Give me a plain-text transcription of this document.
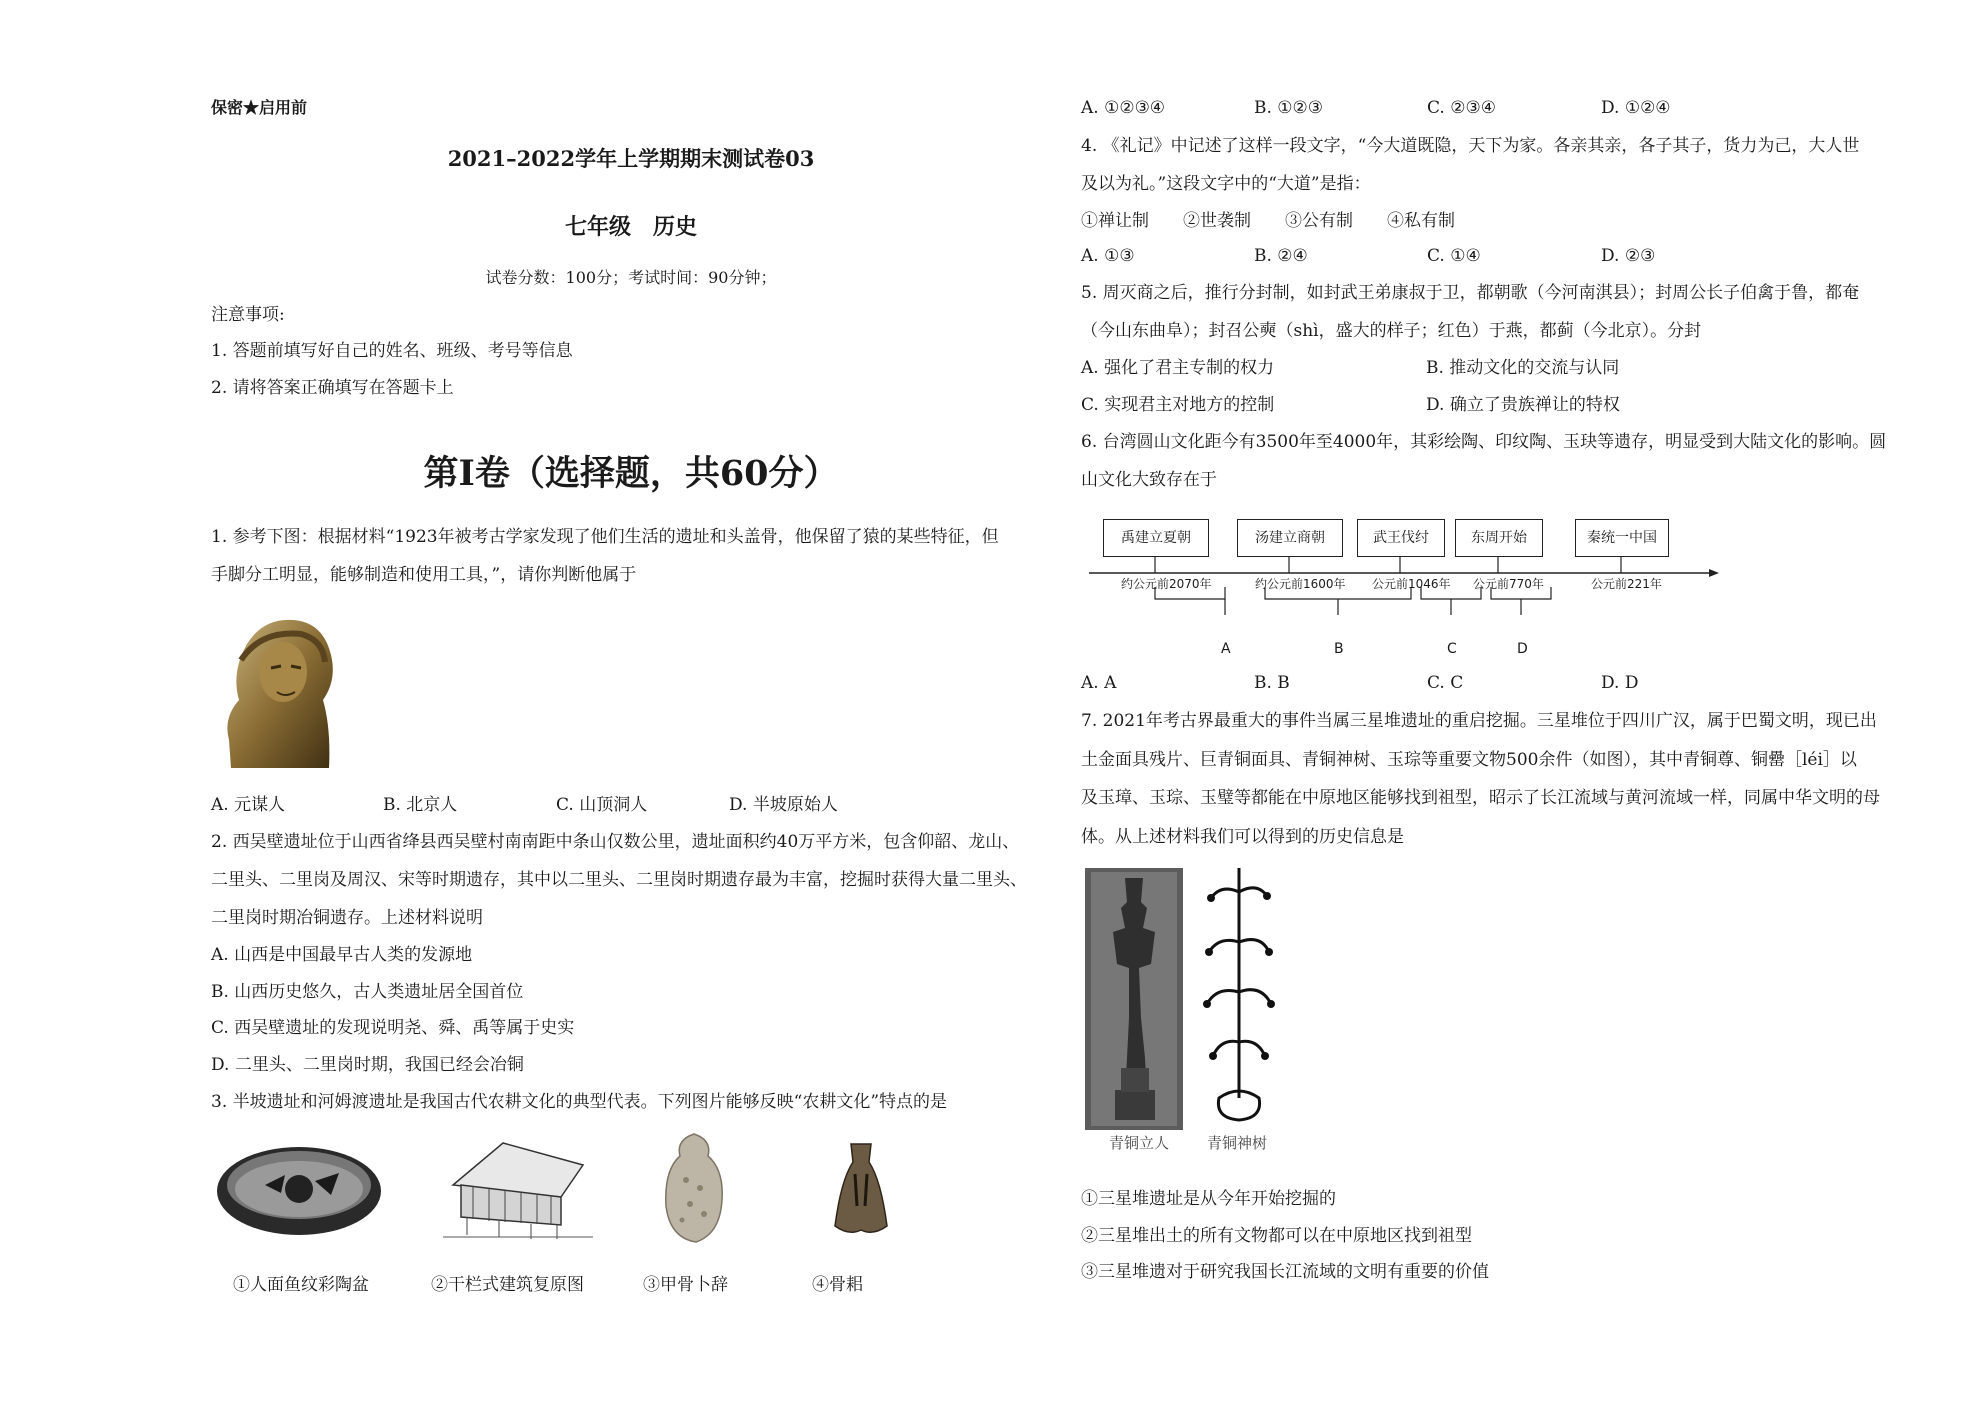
保密★启用前
2021–2022学年上学期期末测试卷03
七年级　历史
试卷分数：100分；考试时间：90分钟；
注意事项:
1. 答题前填写好自己的姓名、班级、考号等信息
2. 请将答案正确填写在答题卡上
第Ⅰ卷（选择题，共60分）
1. 参考下图：根据材料“1923年被考古学家发现了他们生活的遗址和头盖骨，他保留了猿的某些特征，但
手脚分工明显，能够制造和使用工具，”，请你判断他属于
A. 元谋人	B. 北京人	C. 山顶洞人	D. 半坡原始人
2. 西吴壁遗址位于山西省绛县西吴壁村南南距中条山仅数公里，遗址面积约40万平方米，包含仰韶、龙山、
二里头、二里岗及周汉、宋等时期遗存，其中以二里头、二里岗时期遗存最为丰富，挖掘时获得大量二里头、
二里岗时期冶铜遗存。上述材料说明
A. 山西是中国最早古人类的发源地
B. 山西历史悠久，古人类遗址居全国首位
C. 西吴壁遗址的发现说明尧、舜、禹等属于史实
D. 二里头、二里岗时期，我国已经会冶铜
3. 半坡遗址和河姆渡遗址是我国古代农耕文化的典型代表。下列图片能够反映“农耕文化”特点的是
①人面鱼纹彩陶盆	②干栏式建筑复原图	③甲骨卜辞	④骨耜
A. ①②③④	B. ①②③	C. ②③④	D. ①②④
4. 《礼记》中记述了这样一段文字，“今大道既隐，天下为家。各亲其亲，各子其子，货力为己，大人世
及以为礼。”这段文字中的“大道”是指：
①禅让制　　②世袭制　　③公有制　　④私有制
A. ①③	B. ②④	C. ①④	D. ②③
5. 周灭商之后，推行分封制，如封武王弟康叔于卫，都朝歌（今河南淇县）；封周公长子伯禽于鲁，都奄
（今山东曲阜）；封召公奭（shì，盛大的样子；红色）于燕，都蓟（今北京）。分封
A. 强化了君主专制的权力	B. 推动文化的交流与认同
C. 实现君主对地方的控制	D. 确立了贵族禅让的特权
6. 台湾圆山文化距今有3500年至4000年，其彩绘陶、印纹陶、玉玦等遗存，明显受到大陆文化的影响。圆
山文化大致存在于
禹建立夏朝	汤建立商朝	武王伐纣	东周开始	秦统一中国
约公元前2070年	约公元前1600年 公元前1046年 公元前770年	公元前221年
A	B	C	D
A. A	B. B	C. C	D. D
7. 2021年考古界最重大的事件当属三星堆遗址的重启挖掘。三星堆位于四川广汉，属于巴蜀文明，现已出
土金面具残片、巨青铜面具、青铜神树、玉琮等重要文物500余件（如图），其中青铜尊、铜罍［léi］以
及玉璋、玉琮、玉璧等都能在中原地区能够找到祖型，昭示了长江流域与黄河流域一样，同属中华文明的母
体。从上述材料我们可以得到的历史信息是
青铜立人	青铜神树
①三星堆遗址是从今年开始挖掘的
②三星堆出土的所有文物都可以在中原地区找到祖型
③三星堆遗对于研究我国长江流域的文明有重要的价值
